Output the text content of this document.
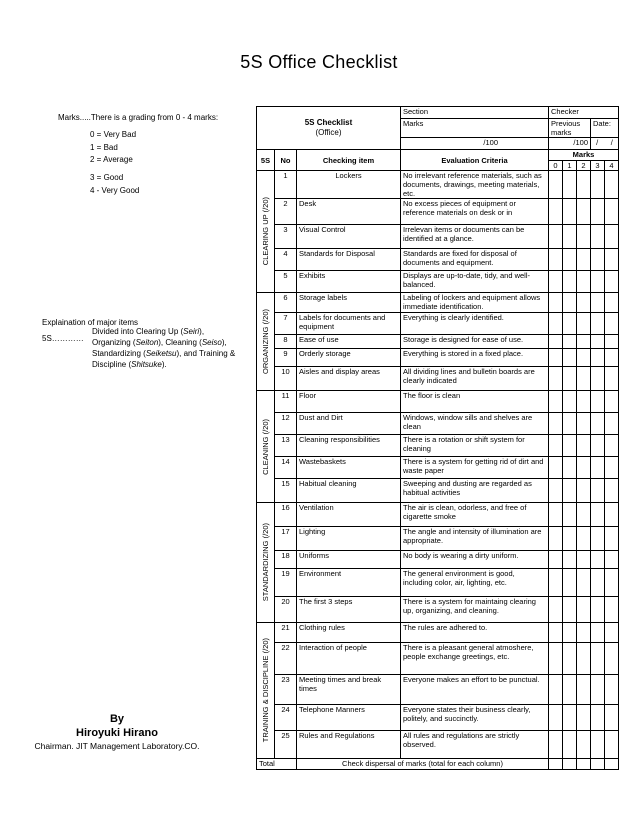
5S Office Checklist
Marks.....There is a grading from 0 - 4 marks:
0 = Very Bad
1 = Bad
2 = Average
3 = Good
4 - Very Good
Explaination of major items
5S…………
Divided into Clearing Up (Seiri),
Organizing (Seiton), Cleaning (Seiso),
Standardizing (Seiketsu), and Training &
Discipline (Shitsuke).
By
Hiroyuki Hirano
Chairman. JIT Management Laboratory.CO.
5S Checklist
(Office)			Section	Checker				
			Marks	Previous marks			Date:	
			/100	/100			/      /	
5S	No	Checking item	Evaluation Criteria	Marks				
				0	1	2	3	4

CLEARING UP (/20)	1	Lockers	No irrelevant reference materials, such as documents, drawings, meeting materials, etc.					
	2	Desk	No excess pieces of equipment or reference materials on desk or in					
	3	Visual Control	Irrelevan items or documents can be identified at a glance.					
	4	Standards for Disposal	Standards are fixed for disposal of documents and equipment.					
	5	Exhibits	Displays are up-to-date, tidy, and well-balanced.					

ORGANIZING (/20)	6	Storage labels	Labeling of lockers and equipment allows immediate identification.					
	7	Labels for documents and equipment	Everything is clearly identified.					
	8	Ease of use	Storage is designed for ease of use.					
	9	Orderly storage	Everything is stored in a fixed place.					
	10	Aisles and display areas	All dividing lines and bulletin boards are clearly indicated					

CLEANING (/20)	11	Floor	The floor is clean					
	12	Dust and Dirt	Windows, window sills and shelves are clean					
	13	Cleaning responsibilities	There is a rotation or shift system for cleaning					
	14	Wastebaskets	There is a system for getting rid of dirt and waste paper					
	15	Habitual cleaning	Sweeping and dusting are regarded as habitual activities					

STANDARDIZING (/20)	16	Ventilation	The air is clean, odorless, and free of cigarette smoke					
	17	Lighting	The angle and intensity of illumination are appropriate.					
	18	Uniforms	No body is wearing a dirty uniform.					
	19	Environment	The general environment is good, including color, air, lighting, etc.					
	20	The first 3 steps	There is a system for maintaing clearing up, organizing, and cleaning.					

TRAINING & DISCIPLINE (/20)	21	Clothing rules	The rules are adhered to.					
	22	Interaction of people	There is a pleasant general atmoshere, people exchange greetings, etc.					
	23	Meeting times and break times	Everyone makes an effort to be punctual.					
	24	Telephone Manners	Everyone states their business clearly, politely, and succinctly.					
	25	Rules and Regulations	All rules and regulations are strictly observed.					
Total		Check dispersal of marks (total for each column)						
